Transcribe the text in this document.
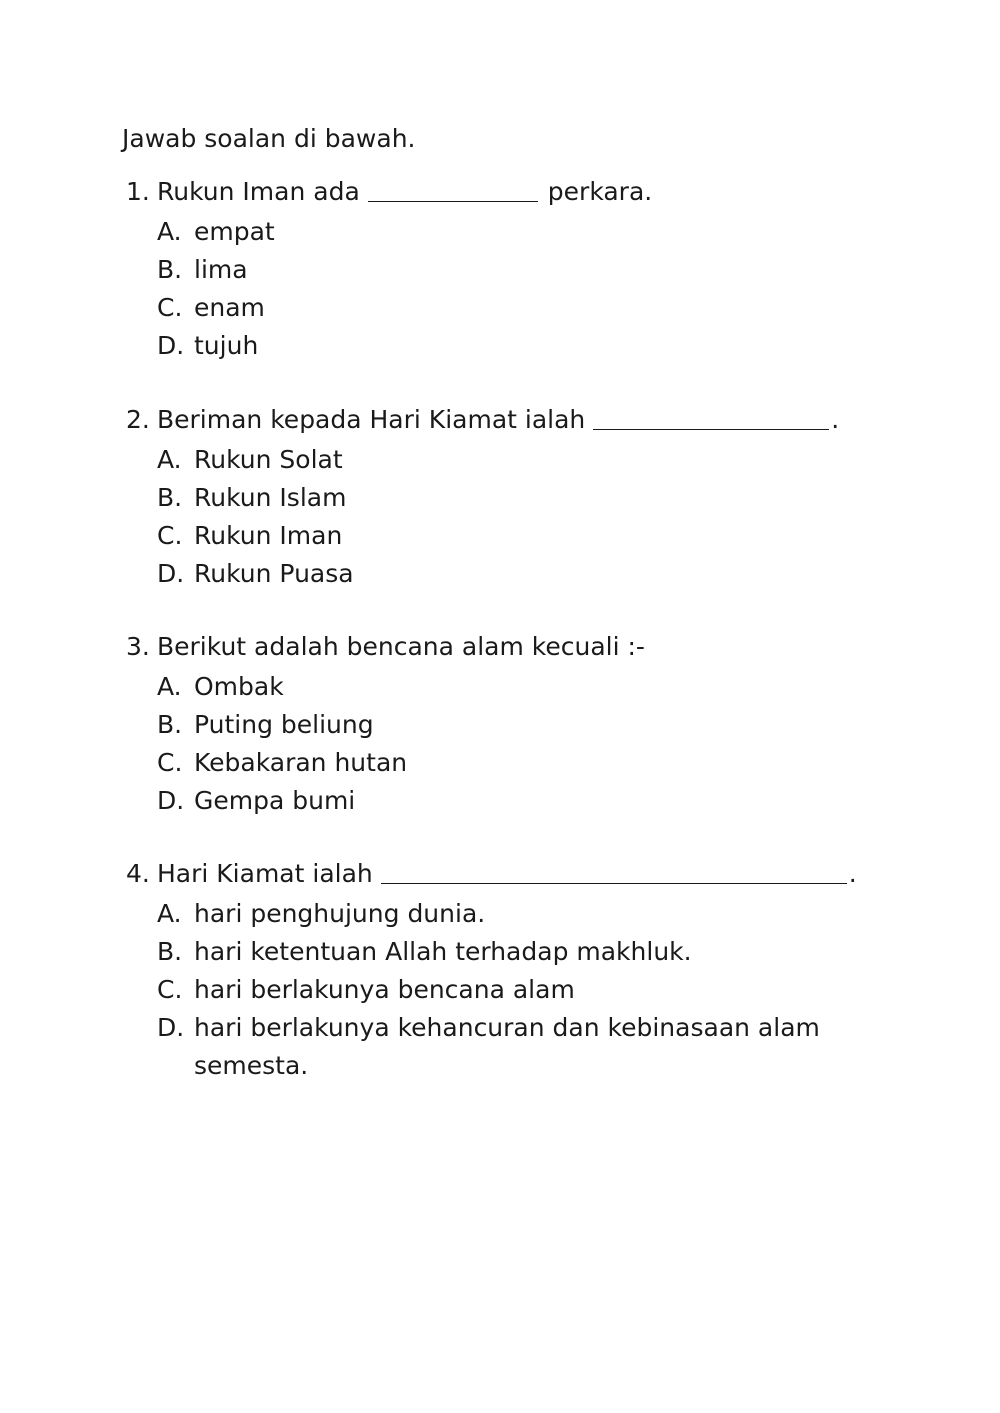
Jawab soalan di bawah.
1. Rukun Iman ada	perkara.
A. empat
B. lima
C. enam
D. tujuh
2. Beriman kepada Hari Kiamat ialah	.
A. Rukun Solat
B. Rukun Islam
C. Rukun Iman
D. Rukun Puasa
3. Berikut adalah bencana alam kecuali :-
A. Ombak
B. Puting beliung
C. Kebakaran hutan
D. Gempa bumi
4. Hari Kiamat ialah	.
A. hari penghujung dunia.
B. hari ketentuan Allah terhadap makhluk.
C. hari berlakunya bencana alam
D. hari berlakunya kehancuran dan kebinasaan alam semesta.
